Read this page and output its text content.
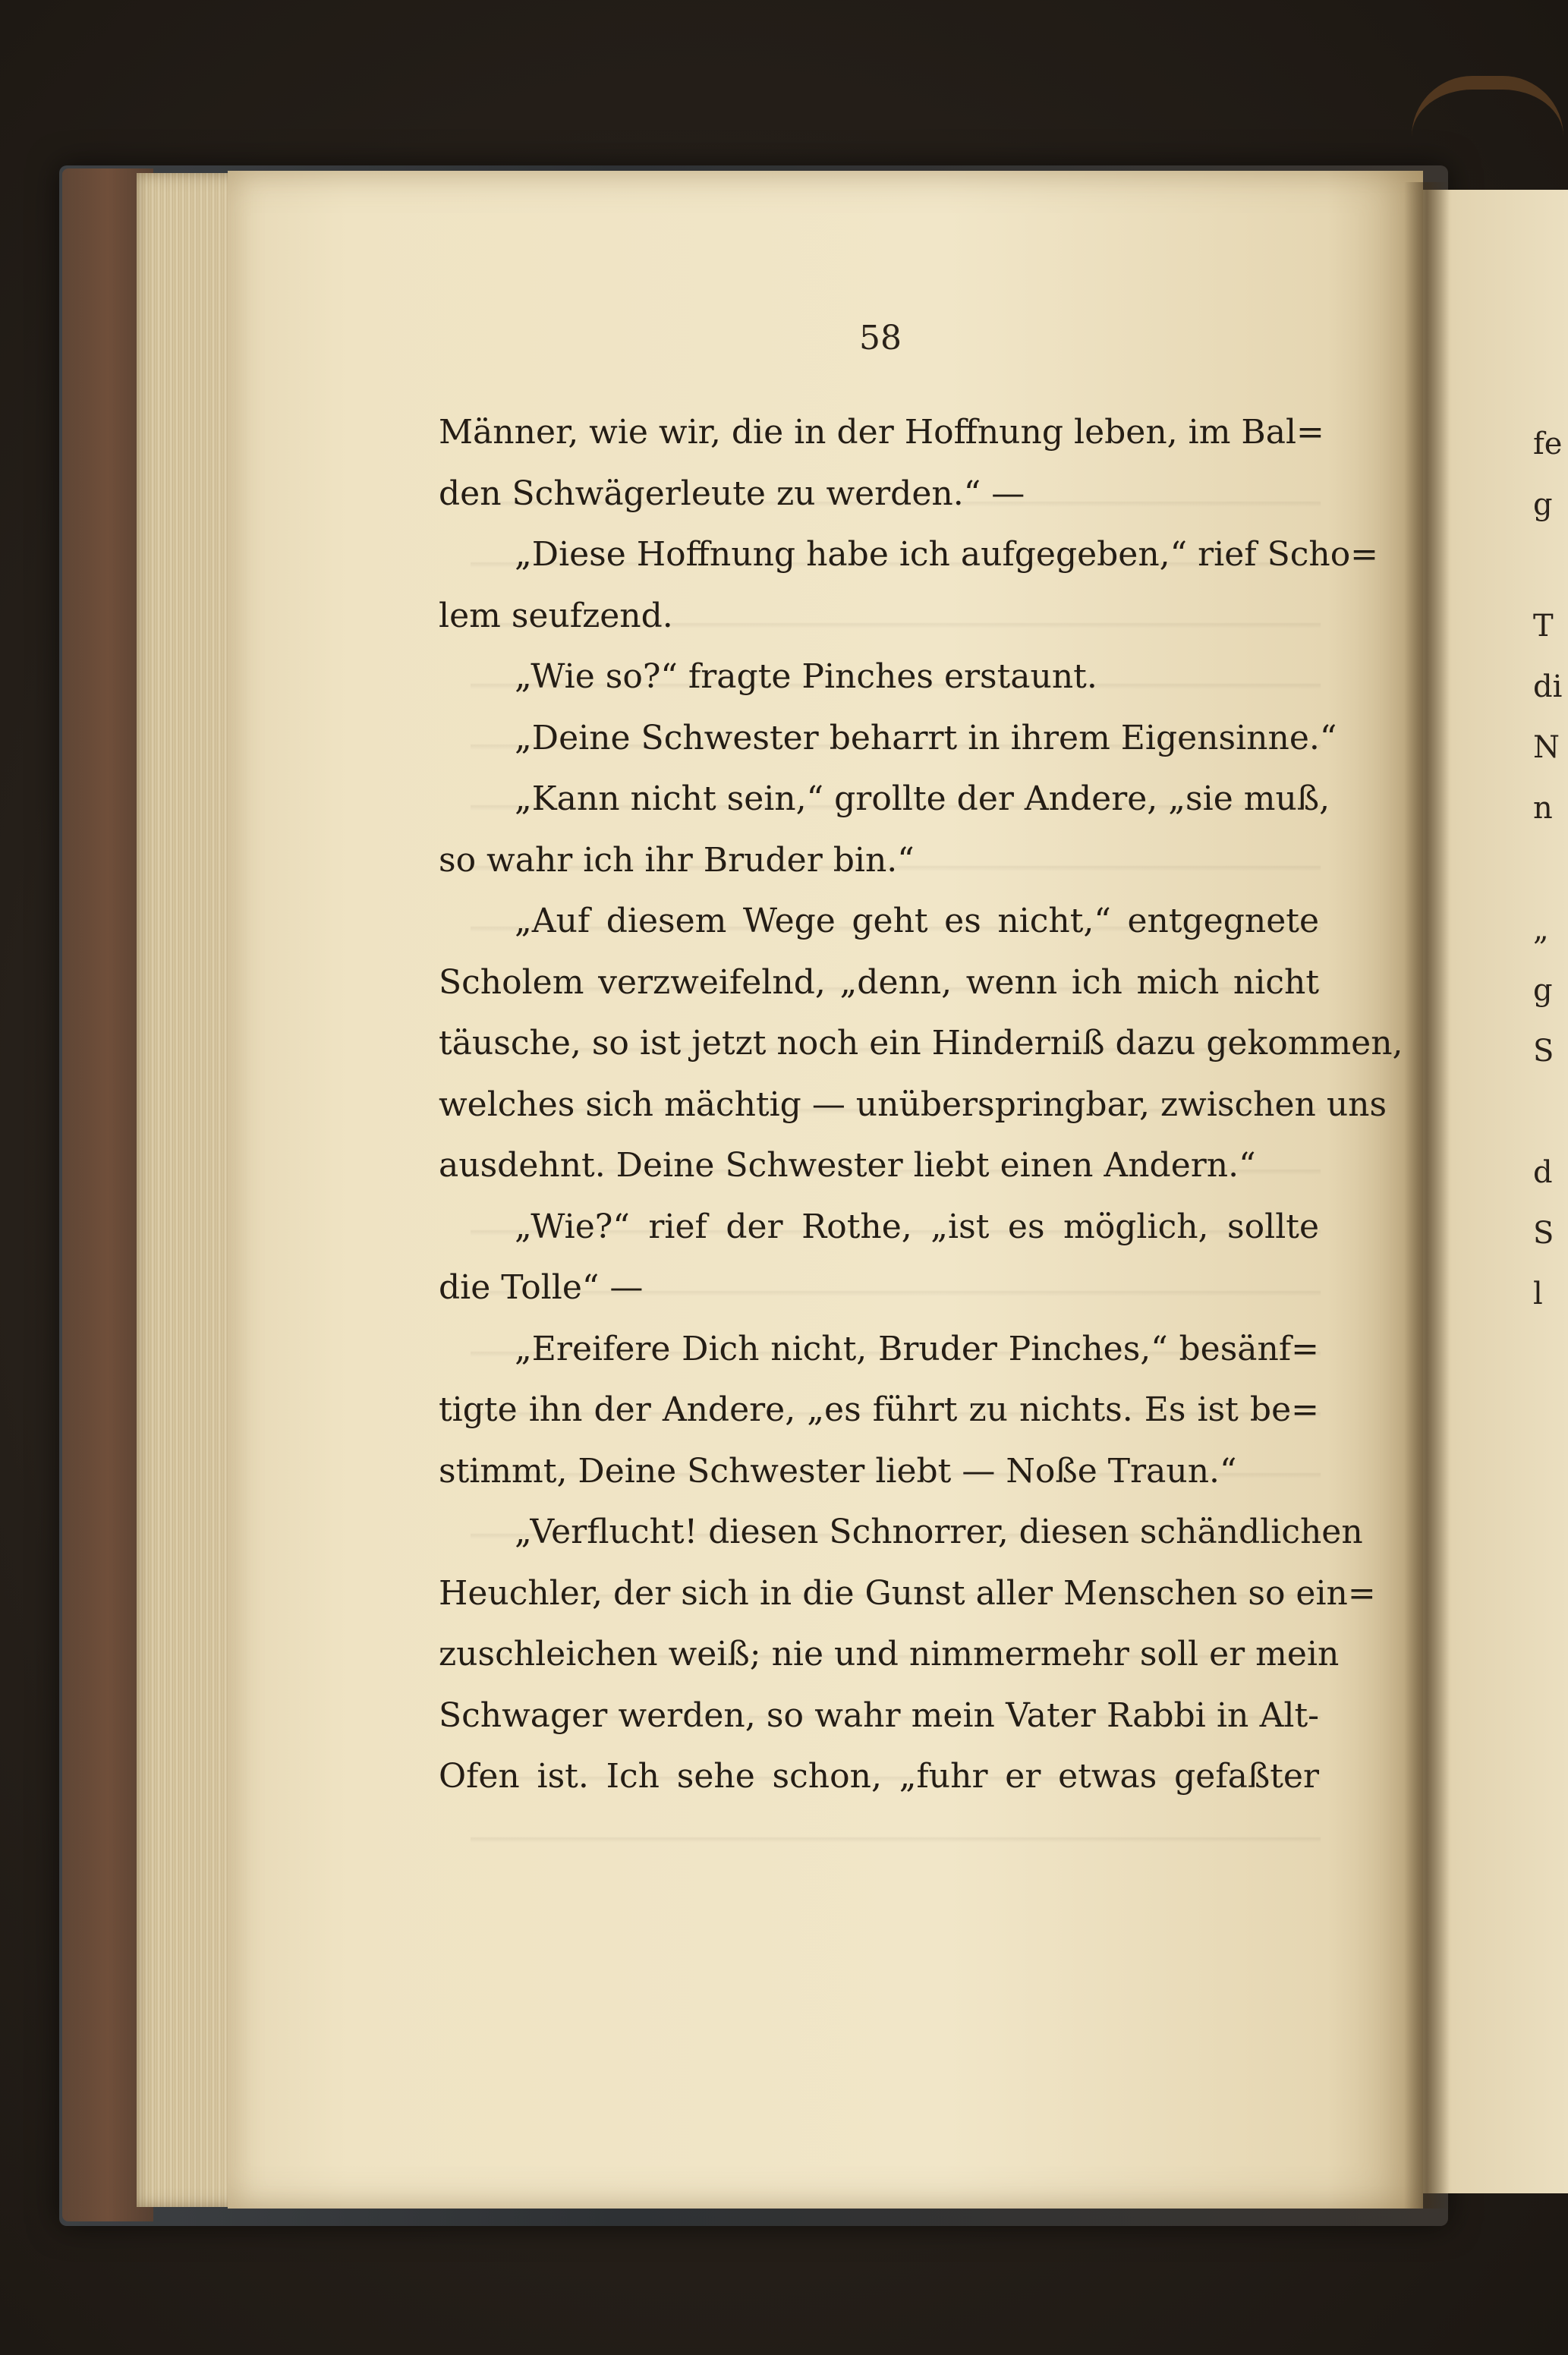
58
Männer, wie wir, die in der Hoffnung leben, im Bal=
den Schwägerleute zu werden.“ —
„Diese Hoffnung habe ich aufgegeben,“ rief Scho=
lem seufzend.
„Wie so?“ fragte Pinches erstaunt.
„Deine Schwester beharrt in ihrem Eigensinne.“
„Kann nicht sein,“ grollte der Andere, „sie muß,
so wahr ich ihr Bruder bin.“
„Auf diesem Wege geht es nicht,“ entgegnete
Scholem verzweifelnd, „denn, wenn ich mich nicht
täusche, so ist jetzt noch ein Hinderniß dazu gekommen,
welches sich mächtig — unüberspringbar, zwischen uns
ausdehnt. Deine Schwester liebt einen Andern.“
„Wie?“ rief der Rothe, „ist es möglich, sollte
die Tolle“ —
„Ereifere Dich nicht, Bruder Pinches,“ besänf=
tigte ihn der Andere, „es führt zu nichts. Es ist be=
stimmt, Deine Schwester liebt — Noße Traun.“
„Verflucht! diesen Schnorrer, diesen schändlichen
Heuchler, der sich in die Gunst aller Menschen so ein=
zuschleichen weiß; nie und nimmermehr soll er mein
Schwager werden, so wahr mein Vater Rabbi in Alt-
Ofen ist. Ich sehe schon, „fuhr er etwas gefaßter
fe
g
T
di
N
n
„
g
S
d
S
l
